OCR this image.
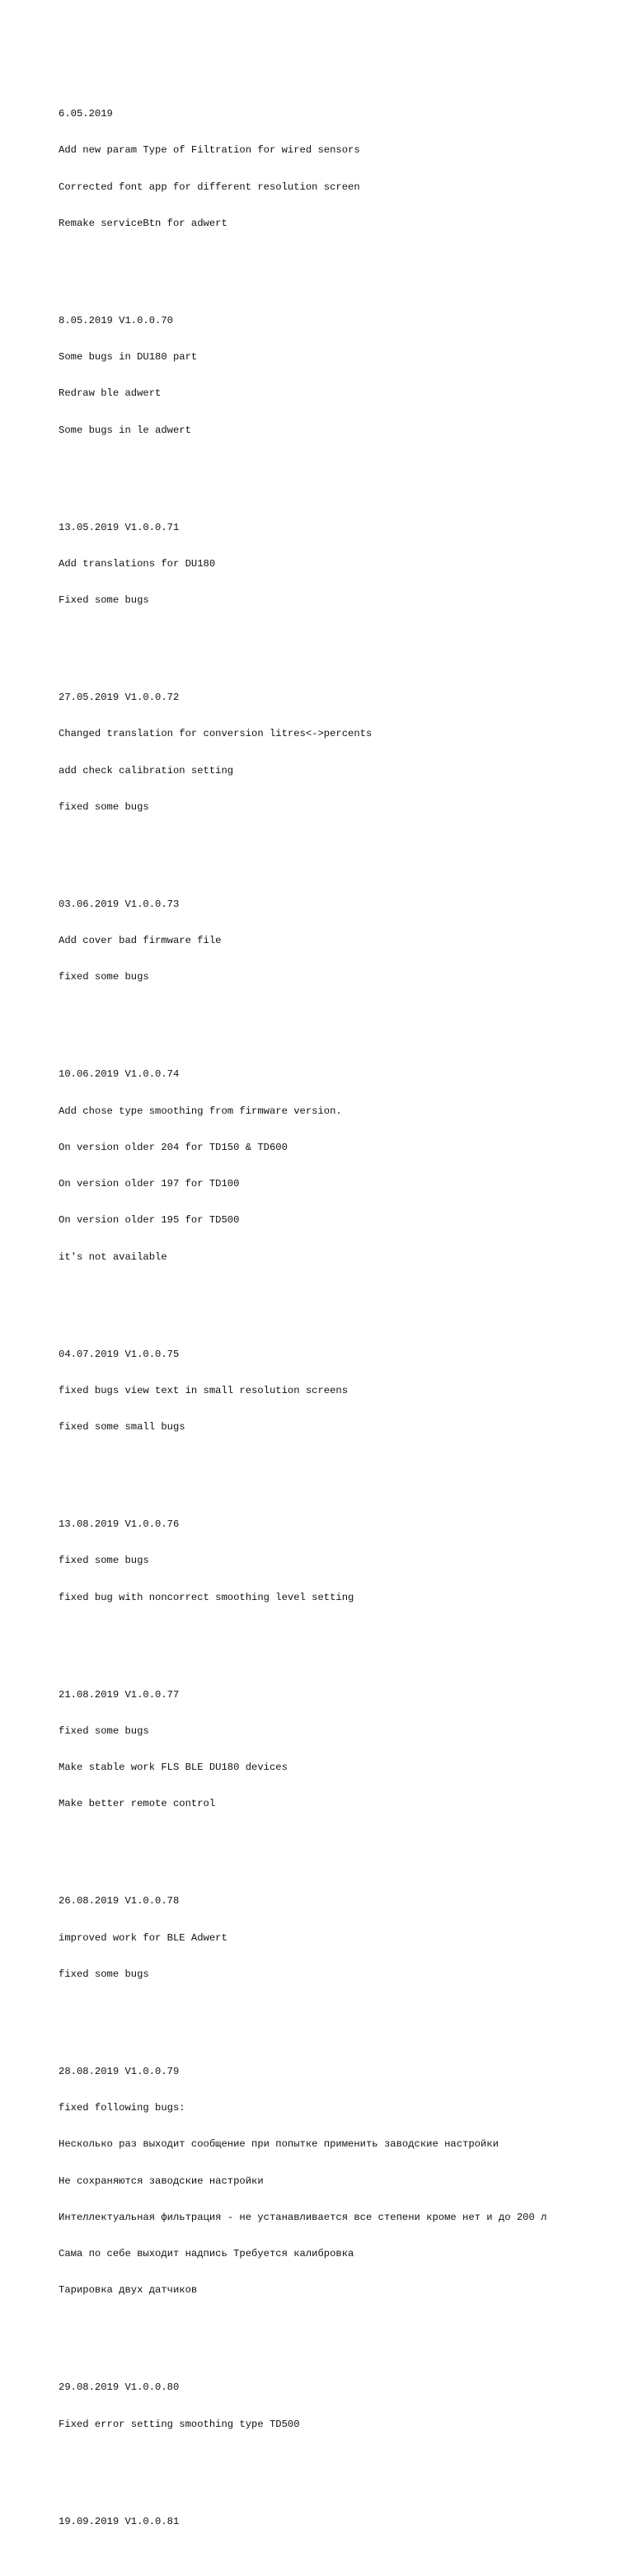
6.05.2019

Add new param Type of Filtration for wired sensors

Corrected font app for different resolution screen

Remake serviceBtn for adwert

8.05.2019 V1.0.0.70

Some bugs in DU180 part

Redraw ble adwert

Some bugs in le adwert

13.05.2019 V1.0.0.71

Add translations for DU180

Fixed some bugs

27.05.2019 V1.0.0.72

Changed translation for conversion litres<->percents

add check calibration setting

fixed some bugs

03.06.2019 V1.0.0.73

Add cover bad firmware file

fixed some bugs

10.06.2019 V1.0.0.74

Add chose type smoothing from firmware version.

On version older 204 for TD150 & TD600

On version older 197 for TD100

On version older 195 for TD500

it's not available

04.07.2019 V1.0.0.75

fixed bugs view text in small resolution screens

fixed some small bugs

13.08.2019 V1.0.0.76

fixed some bugs

fixed bug with noncorrect smoothing level setting

21.08.2019 V1.0.0.77

fixed some bugs

Make stable work FLS BLE DU180 devices

Make better remote control

26.08.2019 V1.0.0.78

improved work for BLE Adwert

fixed some bugs

28.08.2019 V1.0.0.79

fixed following bugs:

Несколько раз выходит сообщение при попытке применить заводские настройки

Не сохраняются заводские настройки

Интеллектуальная фильтрация - не устанавливается все степени кроме нет и до 200 л

Сама по себе выходит надпись Требуется калибровка

Тарировка двух датчиков

29.08.2019 V1.0.0.80

Fixed error setting smoothing type TD500

19.09.2019 V1.0.0.81
